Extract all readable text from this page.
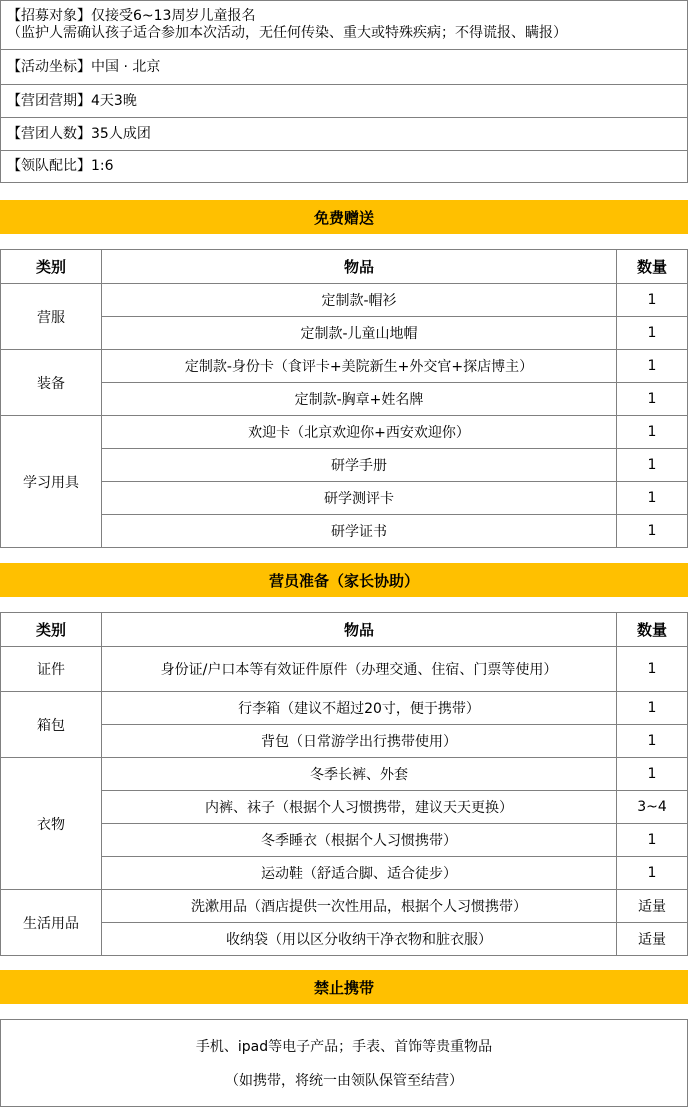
【招募对象】仅接受6~13周岁儿童报名
（监护人需确认孩子适合参加本次活动，无任何传染、重大或特殊疾病；不得谎报、瞒报）
【活动坐标】 中国 · 北京
【营团营期】 4天3晚
【营团人数】 35人成团
【领队配比】 1:6
免费赠送
类别	物品	数量
营服	定制款-帽衫	1
	定制款-儿童山地帽	1
装备	定制款-身份卡（食评卡+美院新生+外交官+探店博主）	1
	定制款-胸章+姓名牌	1
学习用具	欢迎卡（北京欢迎你+西安欢迎你）	1
	研学手册	1
	研学测评卡	1
	研学证书	1
营员准备（家长协助）
类别	物品	数量
证件	身份证/户口本等有效证件原件（办理交通、住宿、门票等使用）	1
箱包	行李箱（建议不超过20寸，便于携带）	1
	背包（日常游学出行携带使用）	1
衣物	冬季长裤、外套	1
	内裤、袜子（根据个人习惯携带，建议天天更换）	3~4
	冬季睡衣（根据个人习惯携带）	1
	运动鞋（舒适合脚、适合徒步）	1
生活用品	洗漱用品（酒店提供一次性用品，根据个人习惯携带）	适量
	收纳袋（用以区分收纳干净衣物和脏衣服）	适量
禁止携带
手机、ipad等电子产品；手表、首饰等贵重物品
（如携带，将统一由领队保管至结营）
